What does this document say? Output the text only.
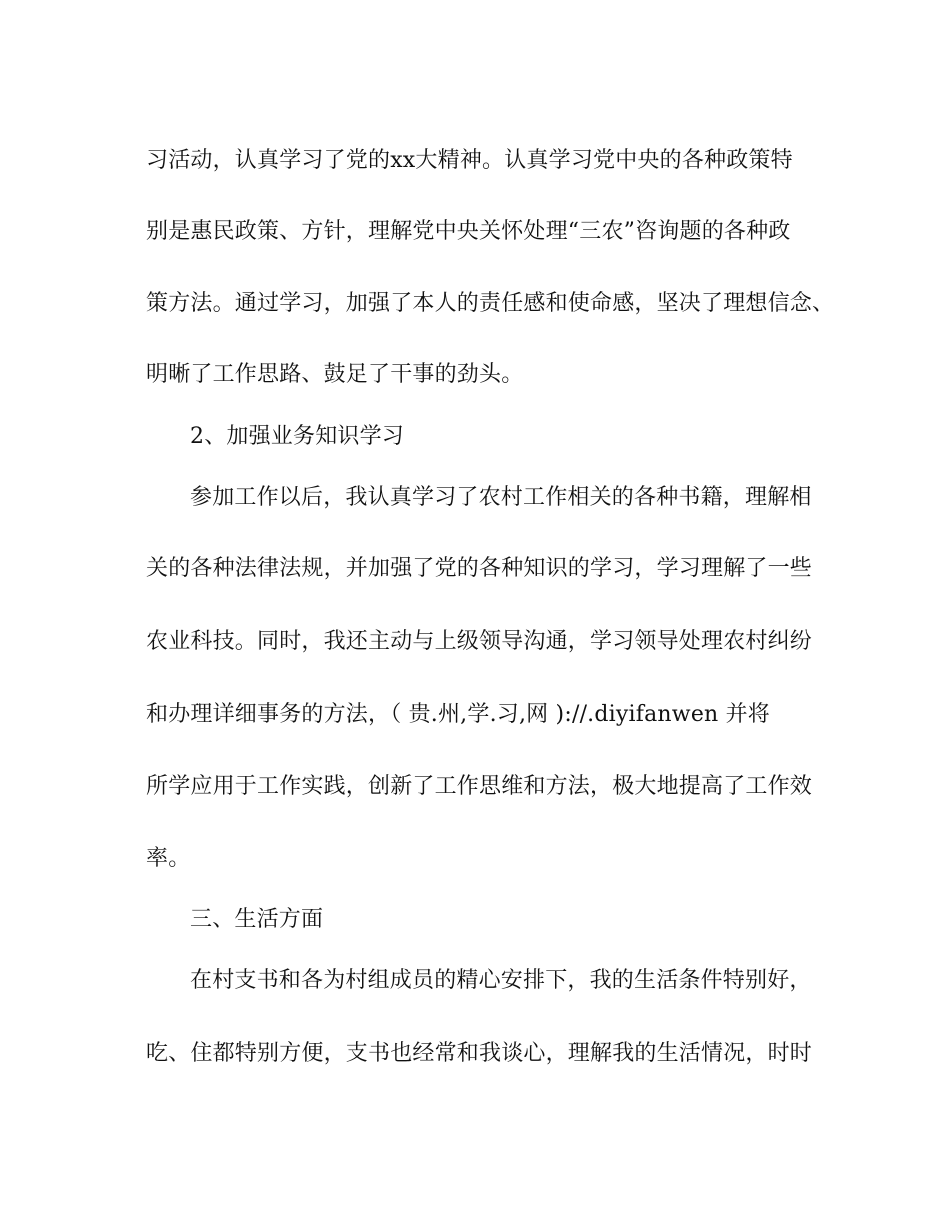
习活动，认真学习了党的xx大精神。认真学习党中央的各种政策特
别是惠民政策、方针，理解党中央关怀处理“三农”咨询题的各种政
策方法。通过学习，加强了本人的责任感和使命感，坚决了理想信念、
明晰了工作思路、鼓足了干事的劲头。
2、加强业务知识学习
参加工作以后，我认真学习了农村工作相关的各种书籍，理解相
关的各种法律法规，并加强了党的各种知识的学习，学习理解了一些
农业科技。同时，我还主动与上级领导沟通，学习领导处理农村纠纷
和办理详细事务的方法，（ 贵.州,学.习,网 )://.diyifanwen 并将
所学应用于工作实践，创新了工作思维和方法，极大地提高了工作效
率。
三、生活方面
在村支书和各为村组成员的精心安排下，我的生活条件特别好，
吃、住都特别方便，支书也经常和我谈心，理解我的生活情况，时时
